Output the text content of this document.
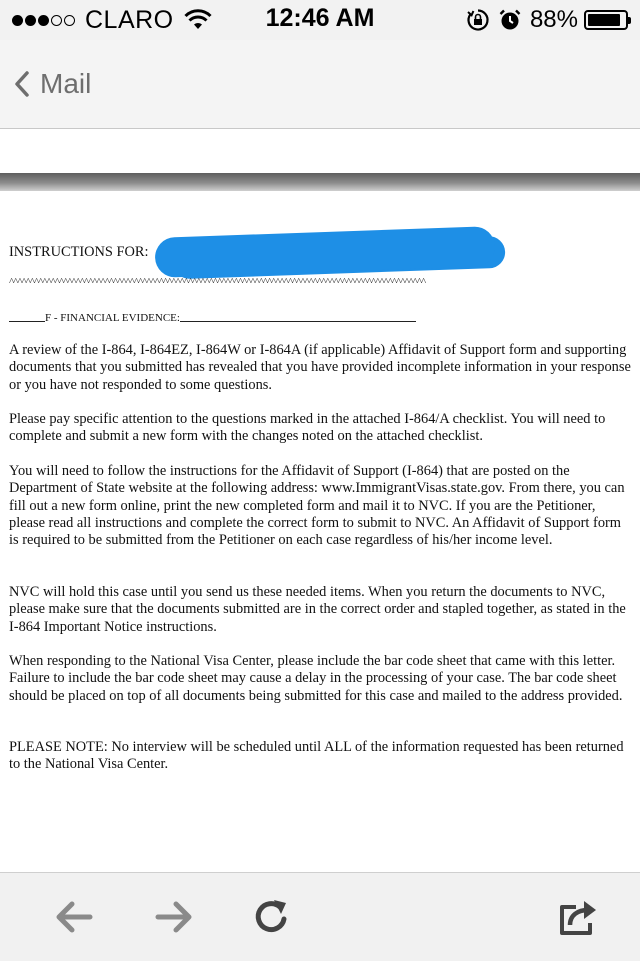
CLARO	12:46 AM	88%
Mail
INSTRUCTIONS FOR:
^^^^^^^^^^^^^^^^^^^^^^^^^^^^^^^^^^^^^^^^^^^^^^^^^^^^^^^^^^^^^^^^^^^^^^^^^^^^^^^^^^^^^^^^^^^^^^^^^^^^
F - FINANCIAL EVIDENCE:

A review of the I-864, I-864EZ, I-864W or I-864A (if applicable) Affidavit of Support form and supporting documents that you submitted has revealed that you have provided incomplete information in your response or you have not responded to some questions.

Please pay specific attention to the questions marked in the attached I-864/A checklist. You will need to complete and submit a new form with the changes noted on the attached checklist.

You will need to follow the instructions for the Affidavit of Support (I-864) that are posted on the Department of State website at the following address: www.ImmigrantVisas.state.gov. From there, you can fill out a new form online, print the new completed form and mail it to NVC. If you are the Petitioner, please read all instructions and complete the correct form to submit to NVC. An Affidavit of Support form is required to be submitted from the Petitioner on each case regardless of his/her income level.

NVC will hold this case until you send us these needed items. When you return the documents to NVC, please make sure that the documents submitted are in the correct order and stapled together, as stated in the I-864 Important Notice instructions.

When responding to the National Visa Center, please include the bar code sheet that came with this letter. Failure to include the bar code sheet may cause a delay in the processing of your case. The bar code sheet should be placed on top of all documents being submitted for this case and mailed to the address provided.

PLEASE NOTE: No interview will be scheduled until ALL of the information requested has been returned to the National Visa Center.
